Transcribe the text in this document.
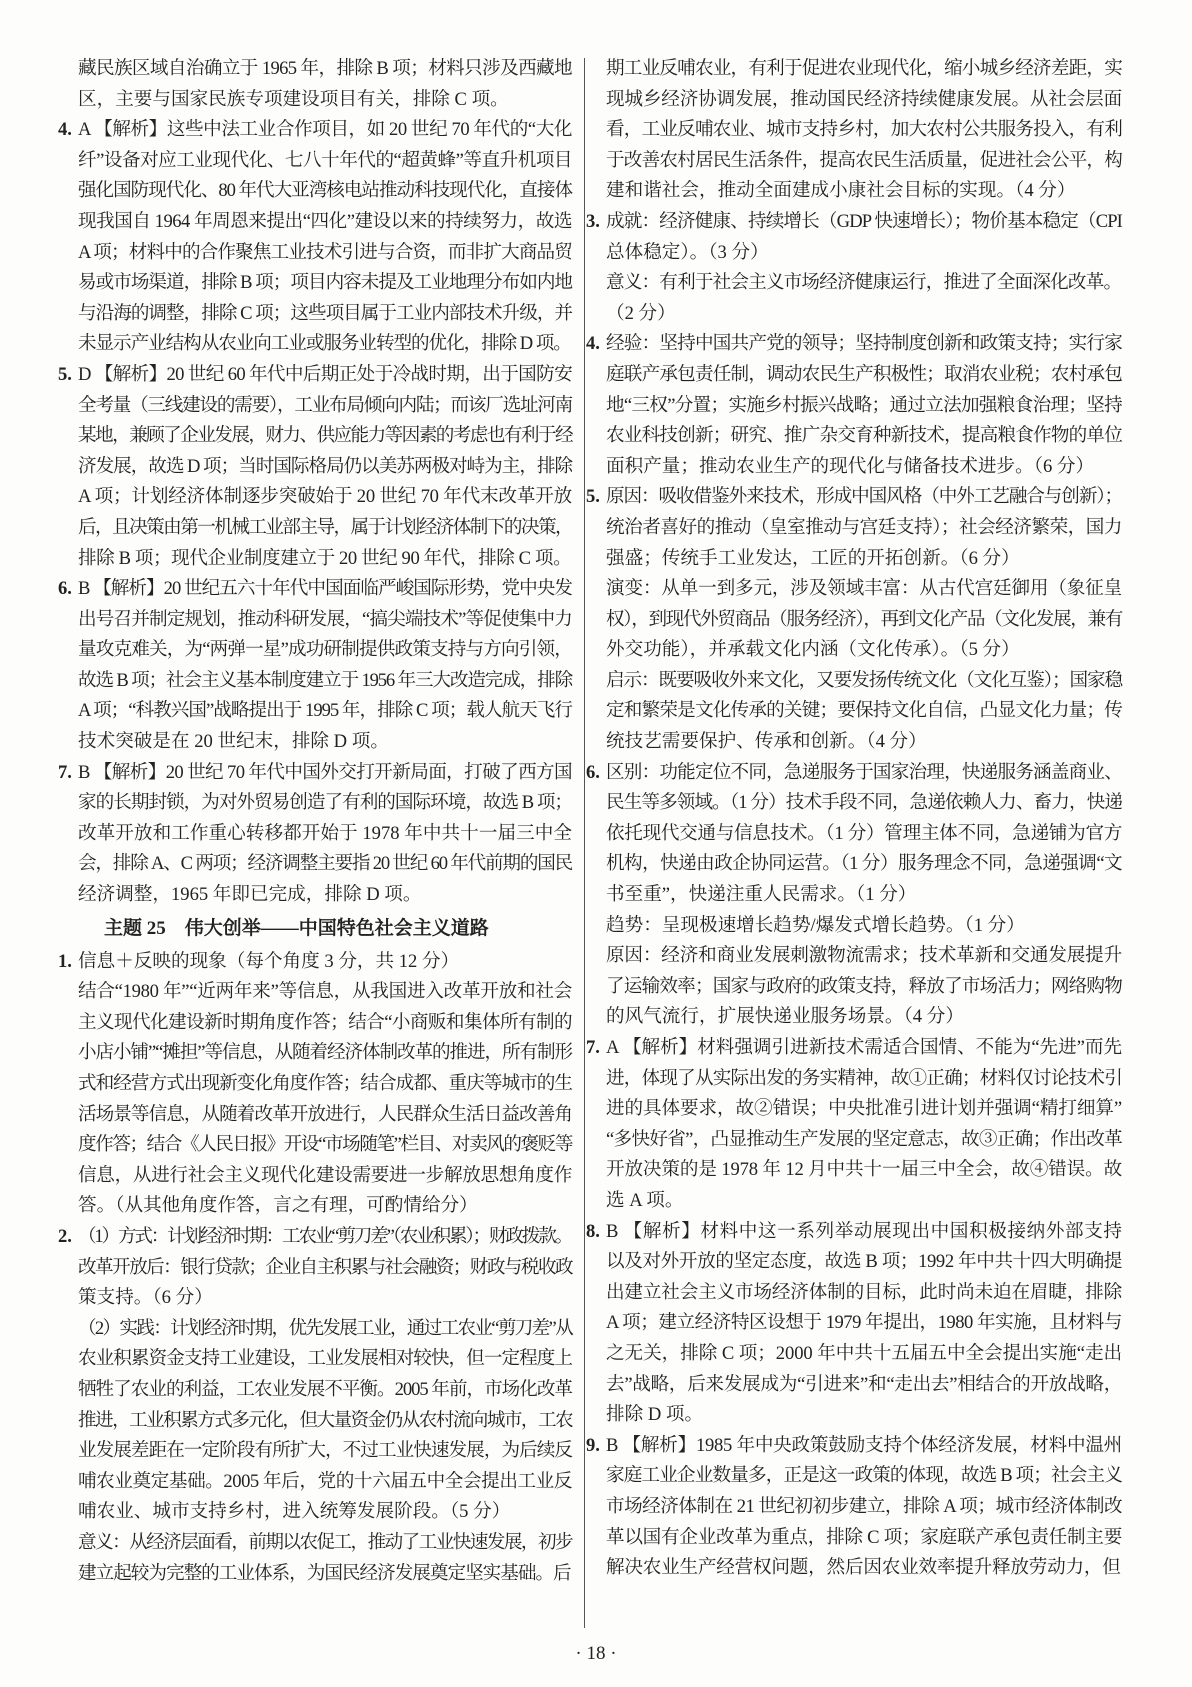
藏民族区域自治确立于 1965 年，排除 B 项；材料只涉及西藏地
区，主要与国家民族专项建设项目有关，排除 C 项。
4. A 【解析】这些中法工业合作项目，如 20 世纪 70 年代的“大化
纤”设备对应工业现代化、七八十年代的“超黄蜂”等直升机项目
强化国防现代化、80 年代大亚湾核电站推动科技现代化，直接体
现我国自 1964 年周恩来提出“四化”建设以来的持续努力，故选
A 项；材料中的合作聚焦工业技术引进与合资，而非扩大商品贸
易或市场渠道，排除 B 项；项目内容未提及工业地理分布如内地
与沿海的调整，排除 C 项；这些项目属于工业内部技术升级，并
未显示产业结构从农业向工业或服务业转型的优化，排除 D 项。
5. D 【解析】20 世纪 60 年代中后期正处于冷战时期，出于国防安
全考量（三线建设的需要），工业布局倾向内陆；而该厂选址河南
某地，兼顾了企业发展，财力、供应能力等因素的考虑也有利于经
济发展，故选 D 项；当时国际格局仍以美苏两极对峙为主，排除
A 项；计划经济体制逐步突破始于 20 世纪 70 年代末改革开放
后，且决策由第一机械工业部主导，属于计划经济体制下的决策，
排除 B 项；现代企业制度建立于 20 世纪 90 年代，排除 C 项。
6. B 【解析】20 世纪五六十年代中国面临严峻国际形势，党中央发
出号召并制定规划，推动科研发展，“搞尖端技术”等促使集中力
量攻克难关，为“两弹一星”成功研制提供政策支持与方向引领，
故选 B 项；社会主义基本制度建立于 1956 年三大改造完成，排除
A 项；“科教兴国”战略提出于 1995 年，排除 C 项；载人航天飞行
技术突破是在 20 世纪末，排除 D 项。
7. B 【解析】20 世纪 70 年代中国外交打开新局面，打破了西方国
家的长期封锁，为对外贸易创造了有利的国际环境，故选 B 项；
改革开放和工作重心转移都开始于 1978 年中共十一届三中全
会，排除 A、C 两项；经济调整主要指 20 世纪 60 年代前期的国民
经济调整，1965 年即已完成，排除 D 项。
主题 25　伟大创举——中国特色社会主义道路
1. 信息＋反映的现象（每个角度 3 分，共 12 分）
结合“1980 年”“近两年来”等信息，从我国进入改革开放和社会
主义现代化建设新时期角度作答；结合“小商贩和集体所有制的
小店小铺”“摊担”等信息，从随着经济体制改革的推进，所有制形
式和经营方式出现新变化角度作答；结合成都、重庆等城市的生
活场景等信息，从随着改革开放进行，人民群众生活日益改善角
度作答；结合《人民日报》开设“市场随笔”栏目、对卖风的褒贬等
信息，从进行社会主义现代化建设需要进一步解放思想角度作
答。（从其他角度作答，言之有理，可酌情给分）
2. （1）方式：计划经济时期：工农业“剪刀差”（农业积累）；财政拨款。
改革开放后：银行贷款；企业自主积累与社会融资；财政与税收政
策支持。（6 分）
（2）实践：计划经济时期，优先发展工业，通过工农业“剪刀差”从
农业积累资金支持工业建设，工业发展相对较快，但一定程度上
牺牲了农业的利益，工农业发展不平衡。2005 年前，市场化改革
推进，工业积累方式多元化，但大量资金仍从农村流向城市，工农
业发展差距在一定阶段有所扩大，不过工业快速发展，为后续反
哺农业奠定基础。2005 年后，党的十六届五中全会提出工业反
哺农业、城市支持乡村，进入统筹发展阶段。（5 分）
意义：从经济层面看，前期以农促工，推动了工业快速发展，初步
建立起较为完整的工业体系，为国民经济发展奠定坚实基础。后
期工业反哺农业，有利于促进农业现代化，缩小城乡经济差距，实
现城乡经济协调发展，推动国民经济持续健康发展。从社会层面
看，工业反哺农业、城市支持乡村，加大农村公共服务投入，有利
于改善农村居民生活条件，提高农民生活质量，促进社会公平，构
建和谐社会，推动全面建成小康社会目标的实现。（4 分）
3. 成就：经济健康、持续增长（GDP 快速增长）；物价基本稳定（CPI
总体稳定）。（3 分）
意义：有利于社会主义市场经济健康运行，推进了全面深化改革。
（2 分）
4. 经验：坚持中国共产党的领导；坚持制度创新和政策支持；实行家
庭联产承包责任制，调动农民生产积极性；取消农业税；农村承包
地“三权”分置；实施乡村振兴战略；通过立法加强粮食治理；坚持
农业科技创新；研究、推广杂交育种新技术，提高粮食作物的单位
面积产量；推动农业生产的现代化与储备技术进步。（6 分）
5. 原因：吸收借鉴外来技术，形成中国风格（中外工艺融合与创新）；
统治者喜好的推动（皇室推动与宫廷支持）；社会经济繁荣，国力
强盛；传统手工业发达，工匠的开拓创新。（6 分）
演变：从单一到多元，涉及领域丰富：从古代宫廷御用（象征皇
权），到现代外贸商品（服务经济），再到文化产品（文化发展，兼有
外交功能），并承载文化内涵（文化传承）。（5 分）
启示：既要吸收外来文化，又要发扬传统文化（文化互鉴）；国家稳
定和繁荣是文化传承的关键；要保持文化自信，凸显文化力量；传
统技艺需要保护、传承和创新。（4 分）
6. 区别：功能定位不同，急递服务于国家治理，快递服务涵盖商业、
民生等多领域。（1 分）技术手段不同，急递依赖人力、畜力，快递
依托现代交通与信息技术。（1 分）管理主体不同，急递铺为官方
机构，快递由政企协同运营。（1 分）服务理念不同，急递强调“文
书至重”，快递注重人民需求。（1 分）
趋势：呈现极速增长趋势/爆发式增长趋势。（1 分）
原因：经济和商业发展刺激物流需求；技术革新和交通发展提升
了运输效率；国家与政府的政策支持，释放了市场活力；网络购物
的风气流行，扩展快递业服务场景。（4 分）
7. A 【解析】材料强调引进新技术需适合国情、不能为“先进”而先
进，体现了从实际出发的务实精神，故①正确；材料仅讨论技术引
进的具体要求，故②错误；中央批准引进计划并强调“精打细算”
“多快好省”，凸显推动生产发展的坚定意志，故③正确；作出改革
开放决策的是 1978 年 12 月中共十一届三中全会，故④错误。故
选 A 项。
8. B 【解析】材料中这一系列举动展现出中国积极接纳外部支持
以及对外开放的坚定态度，故选 B 项；1992 年中共十四大明确提
出建立社会主义市场经济体制的目标，此时尚未迫在眉睫，排除
A 项；建立经济特区设想于 1979 年提出，1980 年实施，且材料与
之无关，排除 C 项；2000 年中共十五届五中全会提出实施“走出
去”战略，后来发展成为“引进来”和“走出去”相结合的开放战略，
排除 D 项。
9. B 【解析】1985 年中央政策鼓励支持个体经济发展，材料中温州
家庭工业企业数量多，正是这一政策的体现，故选 B 项；社会主义
市场经济体制在 21 世纪初初步建立，排除 A 项；城市经济体制改
革以国有企业改革为重点，排除 C 项；家庭联产承包责任制主要
解决农业生产经营权问题，然后因农业效率提升释放劳动力，但
· 18 ·
